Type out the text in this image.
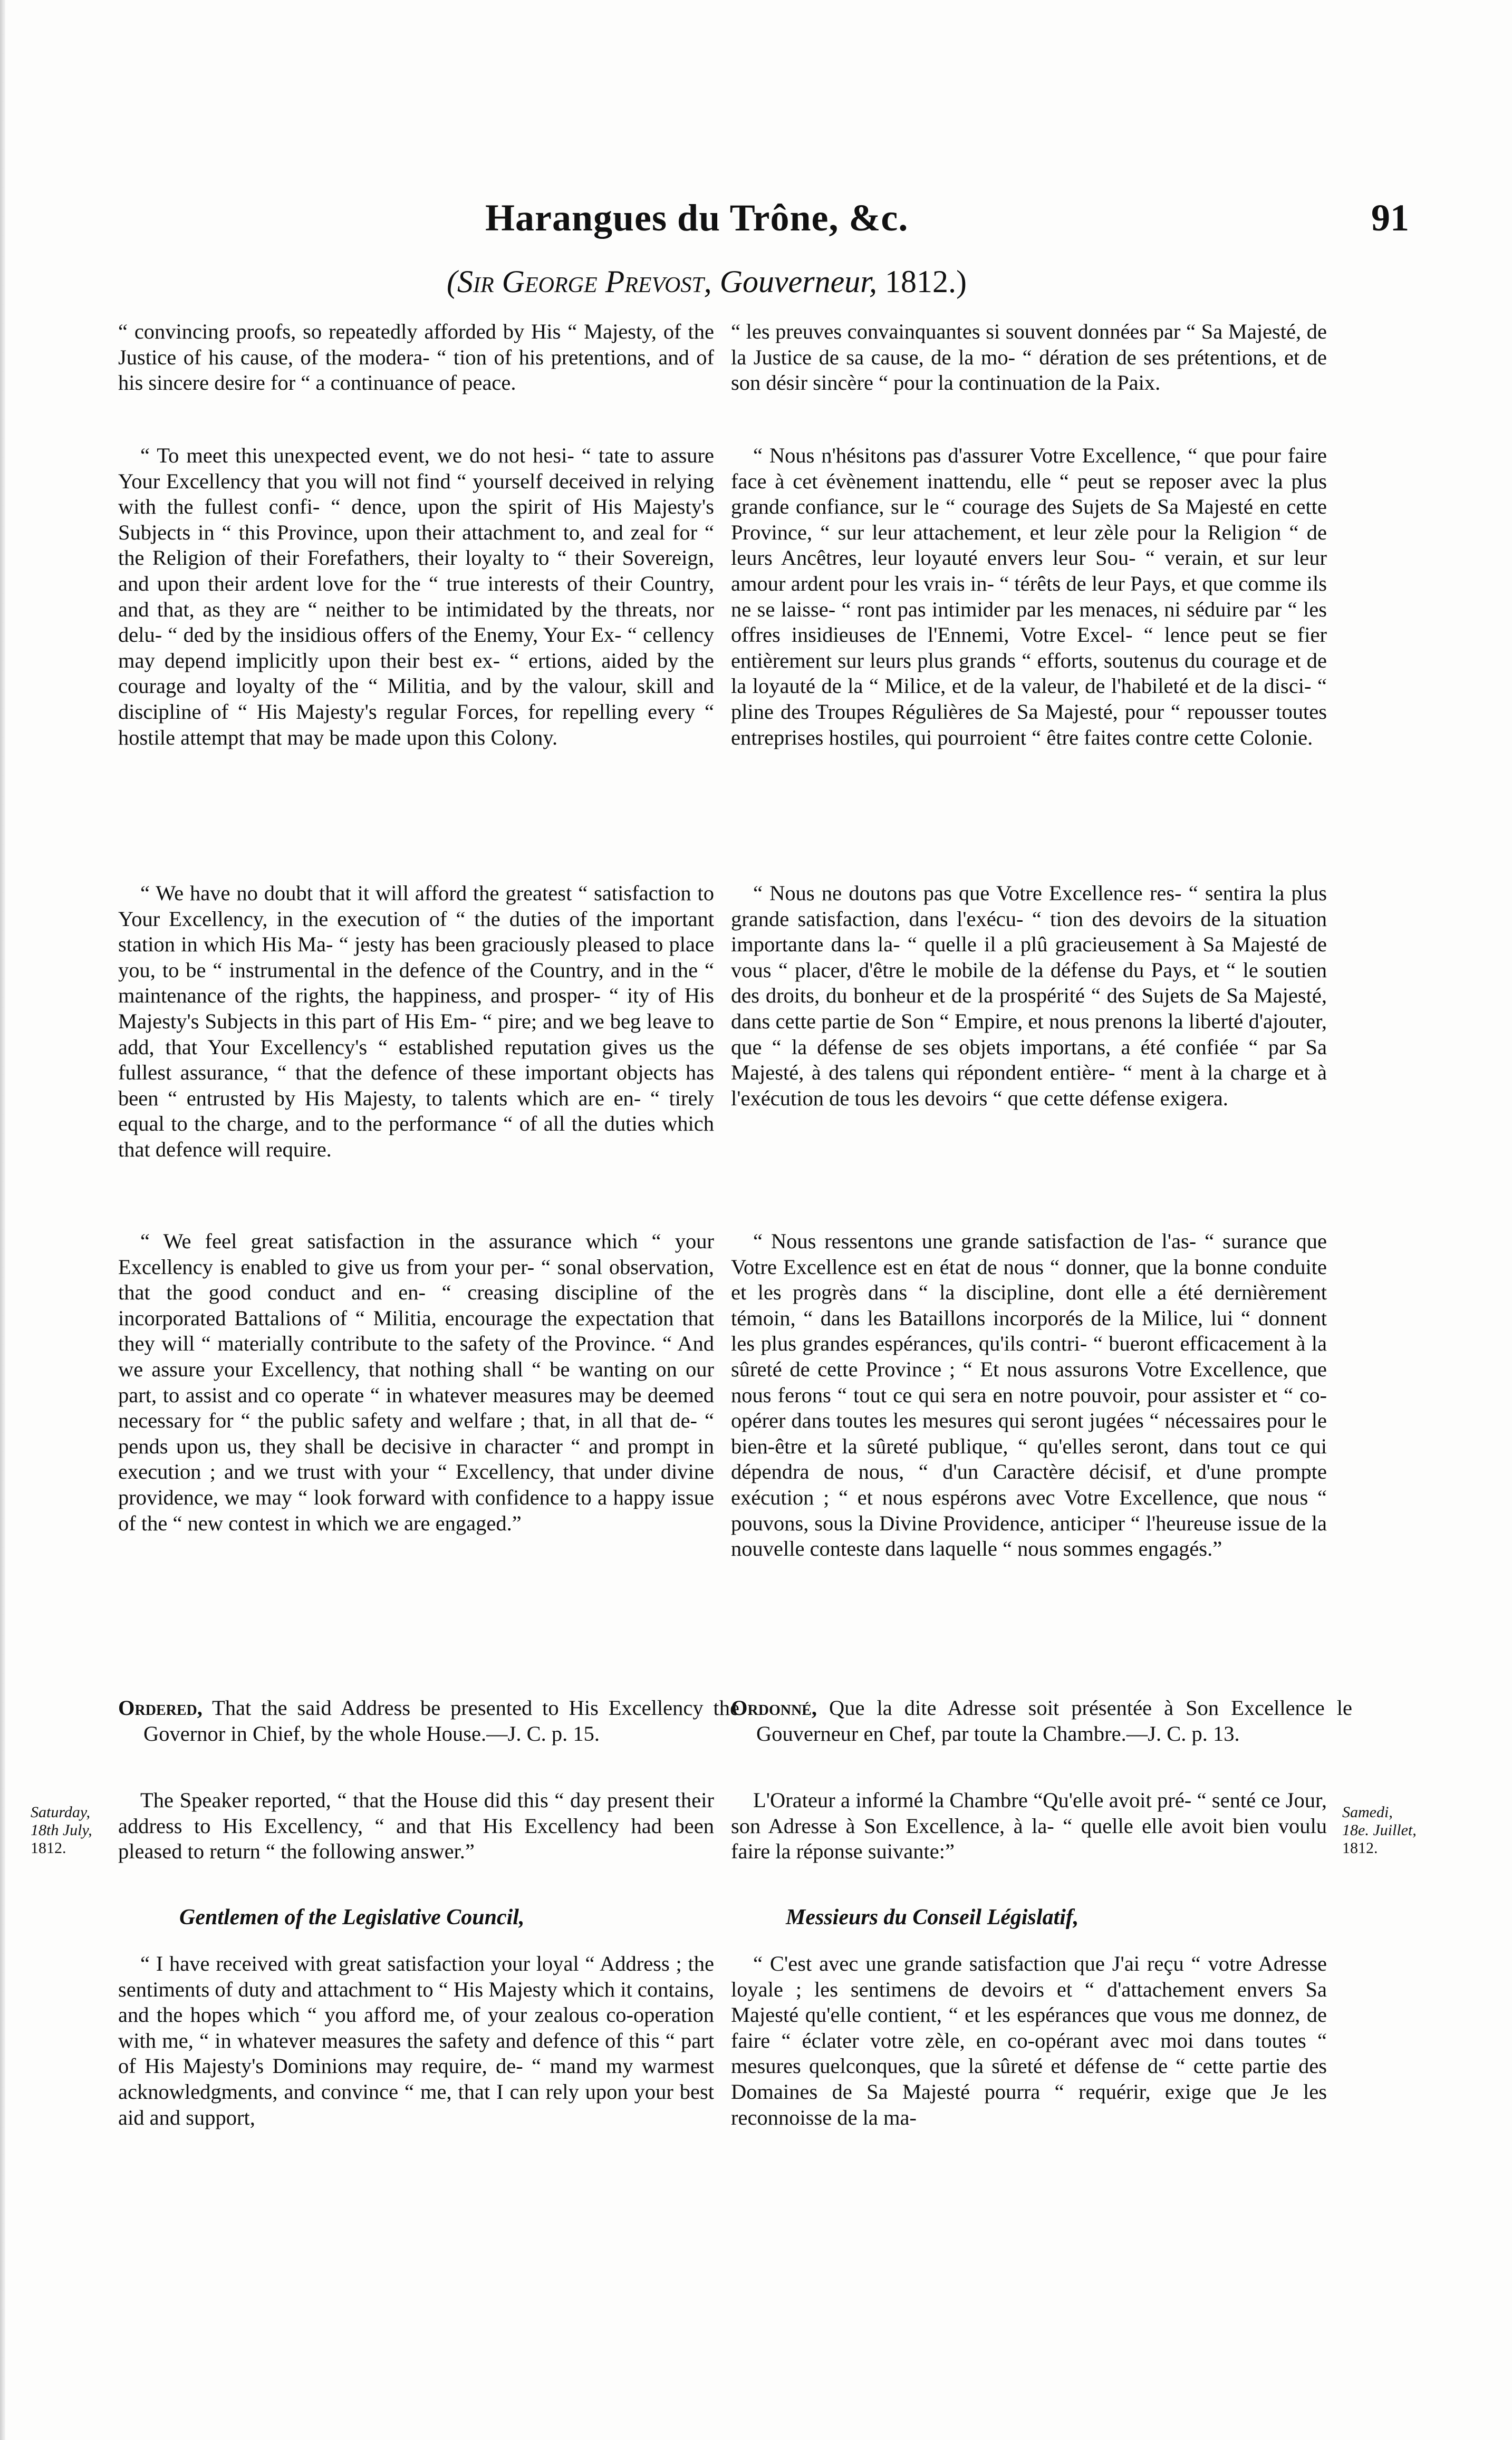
Harangues du Trône, &c.	91
(Sir George Prevost, Gouverneur, 1812.)

“ convincing proofs, so repeatedly afforded by His “ Majesty, of the Justice of his cause, of the modera- “ tion of his pretentions, and of his sincere desire for “ a continuance of peace.

“ To meet this unexpected event, we do not hesi- “ tate to assure Your Excellency that you will not find “ yourself deceived in relying with the fullest confi- “ dence, upon the spirit of His Majesty's Subjects in “ this Province, upon their attachment to, and zeal for “ the Religion of their Forefathers, their loyalty to “ their Sovereign, and upon their ardent love for the “ true interests of their Country, and that, as they are “ neither to be intimidated by the threats, nor delu- “ ded by the insidious offers of the Enemy, Your Ex- “ cellency may depend implicitly upon their best ex- “ ertions, aided by the courage and loyalty of the “ Militia, and by the valour, skill and discipline of “ His Majesty's regular Forces, for repelling every “ hostile attempt that may be made upon this Colony.

“ We have no doubt that it will afford the greatest “ satisfaction to Your Excellency, in the execution of “ the duties of the important station in which His Ma- “ jesty has been graciously pleased to place you, to be “ instrumental in the defence of the Country, and in the “ maintenance of the rights, the happiness, and prosper- “ ity of His Majesty's Subjects in this part of His Em- “ pire; and we beg leave to add, that Your Excellency's “ established reputation gives us the fullest assurance, “ that the defence of these important objects has been “ entrusted by His Majesty, to talents which are en- “ tirely equal to the charge, and to the performance “ of all the duties which that defence will require.

“ We feel great satisfaction in the assurance which “ your Excellency is enabled to give us from your per- “ sonal observation, that the good conduct and en- “ creasing discipline of the incorporated Battalions of “ Militia, encourage the expectation that they will “ materially contribute to the safety of the Province. “ And we assure your Excellency, that nothing shall “ be wanting on our part, to assist and co operate “ in whatever measures may be deemed necessary for “ the public safety and welfare ; that, in all that de- “ pends upon us, they shall be decisive in character “ and prompt in execution ; and we trust with your “ Excellency, that under divine providence, we may “ look forward with confidence to a happy issue of the “ new contest in which we are engaged.”

Ordered, That the said Address be presented to His Excellency the Governor in Chief, by the whole House.—J. C. p. 15.

The Speaker reported, “ that the House did this “ day present their address to His Excellency, “ and that His Excellency had been pleased to return “ the following answer.”

Gentlemen of the Legislative Council,

“ I have received with great satisfaction your loyal “ Address ; the sentiments of duty and attachment to “ His Majesty which it contains, and the hopes which “ you afford me, of your zealous co-operation with me, “ in whatever measures the safety and defence of this “ part of His Majesty's Dominions may require, de- “ mand my warmest acknowledgments, and convince “ me, that I can rely upon your best aid and support,

“ les preuves convainquantes si souvent données par “ Sa Majesté, de la Justice de sa cause, de la mo- “ dération de ses prétentions, et de son désir sincère “ pour la continuation de la Paix.

“ Nous n'hésitons pas d'assurer Votre Excellence, “ que pour faire face à cet évènement inattendu, elle “ peut se reposer avec la plus grande confiance, sur le “ courage des Sujets de Sa Majesté en cette Province, “ sur leur attachement, et leur zèle pour la Religion “ de leurs Ancêtres, leur loyauté envers leur Sou- “ verain, et sur leur amour ardent pour les vrais in- “ térêts de leur Pays, et que comme ils ne se laisse- “ ront pas intimider par les menaces, ni séduire par “ les offres insidieuses de l'Ennemi, Votre Excel- “ lence peut se fier entièrement sur leurs plus grands “ efforts, soutenus du courage et de la loyauté de la “ Milice, et de la valeur, de l'habileté et de la disci- “ pline des Troupes Régulières de Sa Majesté, pour “ repousser toutes entreprises hostiles, qui pourroient “ être faites contre cette Colonie.

“ Nous ne doutons pas que Votre Excellence res- “ sentira la plus grande satisfaction, dans l'exécu- “ tion des devoirs de la situation importante dans la- “ quelle il a plû gracieusement à Sa Majesté de vous “ placer, d'être le mobile de la défense du Pays, et “ le soutien des droits, du bonheur et de la prospérité “ des Sujets de Sa Majesté, dans cette partie de Son “ Empire, et nous prenons la liberté d'ajouter, que “ la défense de ses objets importans, a été confiée “ par Sa Majesté, à des talens qui répondent entière- “ ment à la charge et à l'exécution de tous les devoirs “ que cette défense exigera.

“ Nous ressentons une grande satisfaction de l'as- “ surance que Votre Excellence est en état de nous “ donner, que la bonne conduite et les progrès dans “ la discipline, dont elle a été dernièrement témoin, “ dans les Bataillons incorporés de la Milice, lui “ donnent les plus grandes espérances, qu'ils contri- “ bueront efficacement à la sûreté de cette Province ; “ Et nous assurons Votre Excellence, que nous ferons “ tout ce qui sera en notre pouvoir, pour assister et “ co-opérer dans toutes les mesures qui seront jugées “ nécessaires pour le bien-être et la sûreté publique, “ qu'elles seront, dans tout ce qui dépendra de nous, “ d'un Caractère décisif, et d'une prompte exécution ; “ et nous espérons avec Votre Excellence, que nous “ pouvons, sous la Divine Providence, anticiper “ l'heureuse issue de la nouvelle conteste dans laquelle “ nous sommes engagés.”

Ordonné, Que la dite Adresse soit présentée à Son Excellence le Gouverneur en Chef, par toute la Chambre.—J. C. p. 13.

L'Orateur a informé la Chambre “Qu'elle avoit pré- “ senté ce Jour, son Adresse à Son Excellence, à la- “ quelle elle avoit bien voulu faire la réponse suivante:”

Messieurs du Conseil Législatif,

“ C'est avec une grande satisfaction que J'ai reçu “ votre Adresse loyale ; les sentimens de devoirs et “ d'attachement envers Sa Majesté qu'elle contient, “ et les espérances que vous me donnez, de faire “ éclater votre zèle, en co-opérant avec moi dans toutes “ mesures quelconques, que la sûreté et défense de “ cette partie des Domaines de Sa Majesté pourra “ requérir, exige que Je les reconnoisse de la ma-

Saturday,
18th July,
1812.
Samedi,
18e. Juillet,
1812.
